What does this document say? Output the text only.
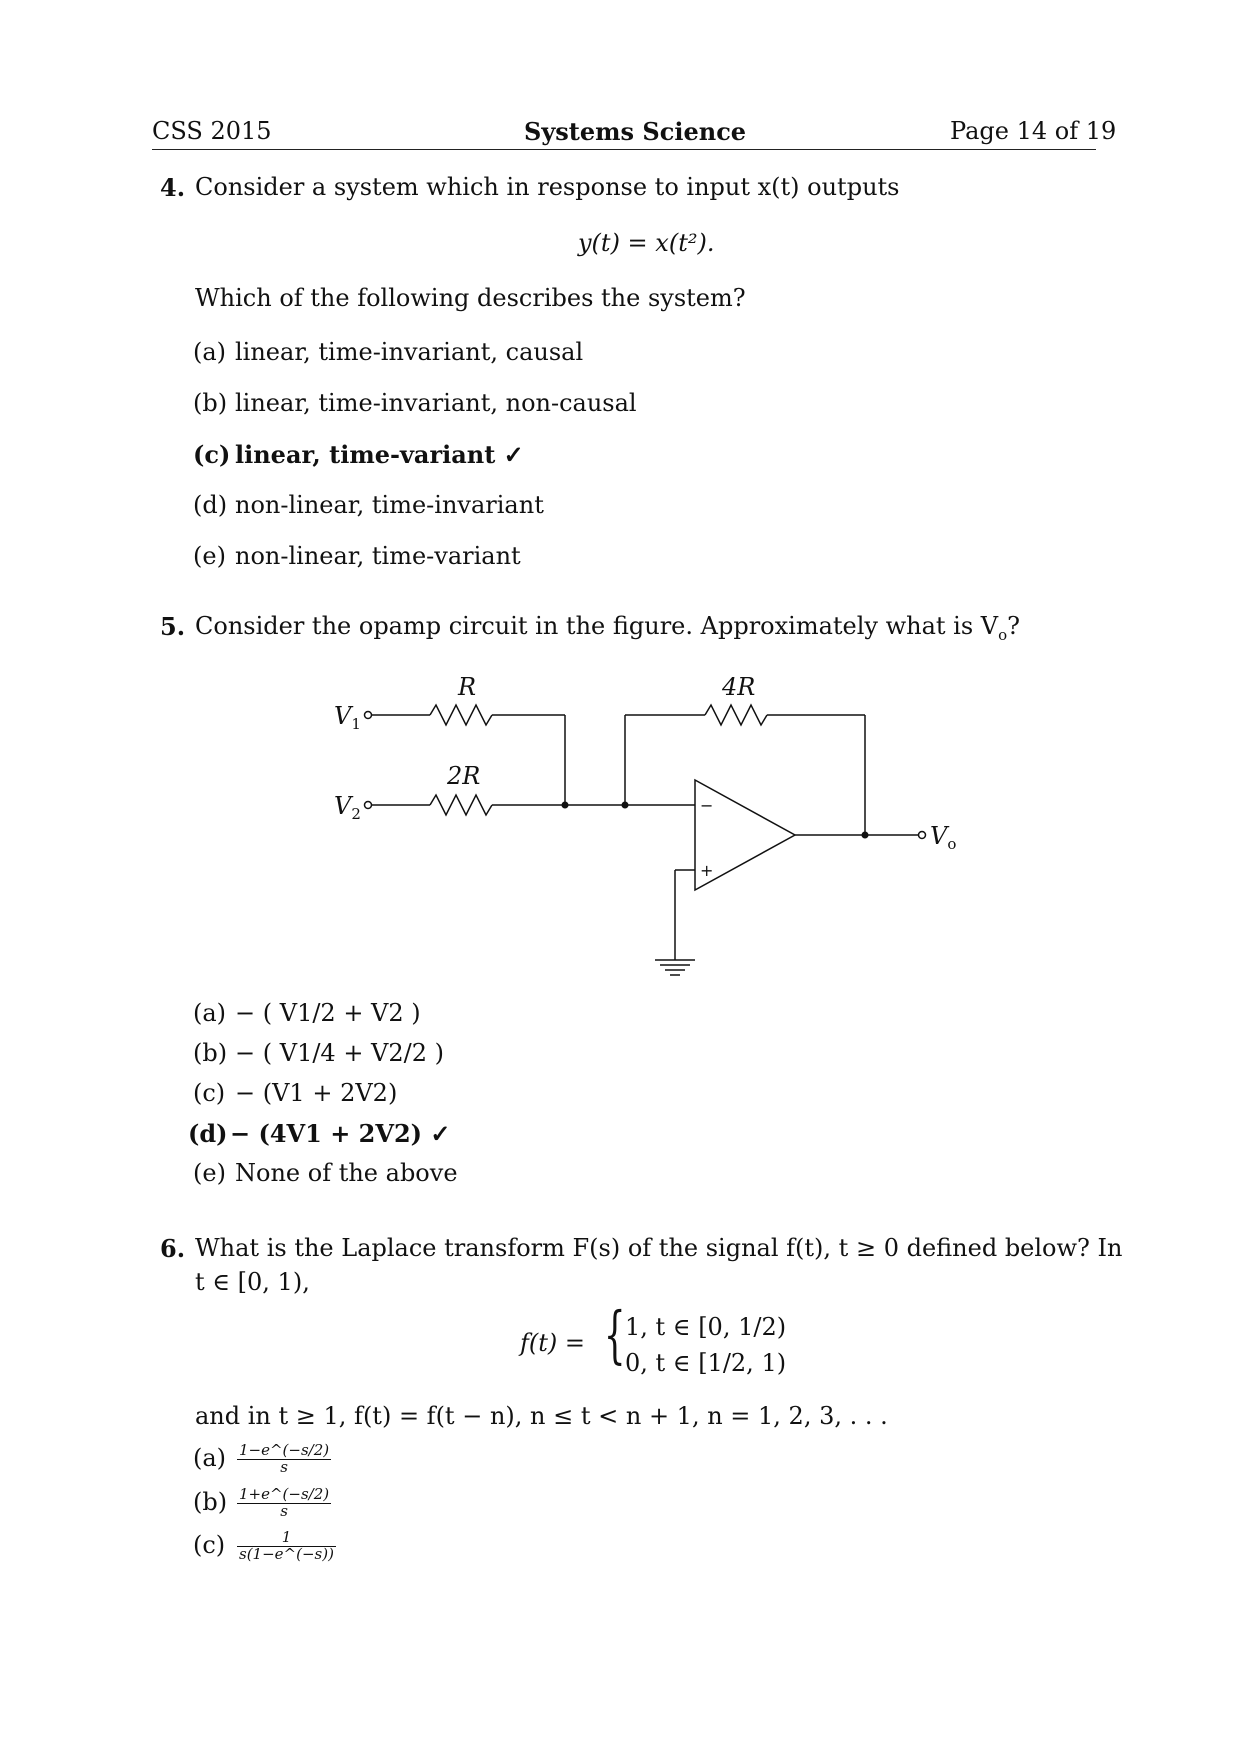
CSS 2015	Systems Science	Page 14 of 19
4. Consider a system which in response to input x(t) outputs
y(t) = x(t²).
Which of the following describes the system?
(a) linear, time-invariant, causal
(b) linear, time-invariant, non-causal
(c) linear, time-variant ✓
(d) non-linear, time-invariant
(e) non-linear, time-variant
5. Consider the opamp circuit in the figure. Approximately what is $V_o$?
R
2R
4R
$V_1$
$V_2$
$V_o$
−
+
(a) − ( V1/2 + V2 )
(b) − ( V1/4 + V2/2 )
(c) − (V1 + 2V2)
(d) − (4V1 + 2V2) ✓
(e) None of the above
6. What is the Laplace transform F(s) of the signal f(t), t ≥ 0 defined below? In
t ∈ [0, 1),
f(t) = { 1, t ∈ [0, 1/2)
0, t ∈ [1/2, 1)
and in t ≥ 1, f(t) = f(t − n), n ≤ t < n + 1, n = 1, 2, 3, . . .
$(a) \frac{1-e\^{}(-s/2)}{s}$
$(b) \frac{1+e\^{}(-s/2)}{s}$
$(c) \frac{1}{s(1-e\^{}(-s))}$
